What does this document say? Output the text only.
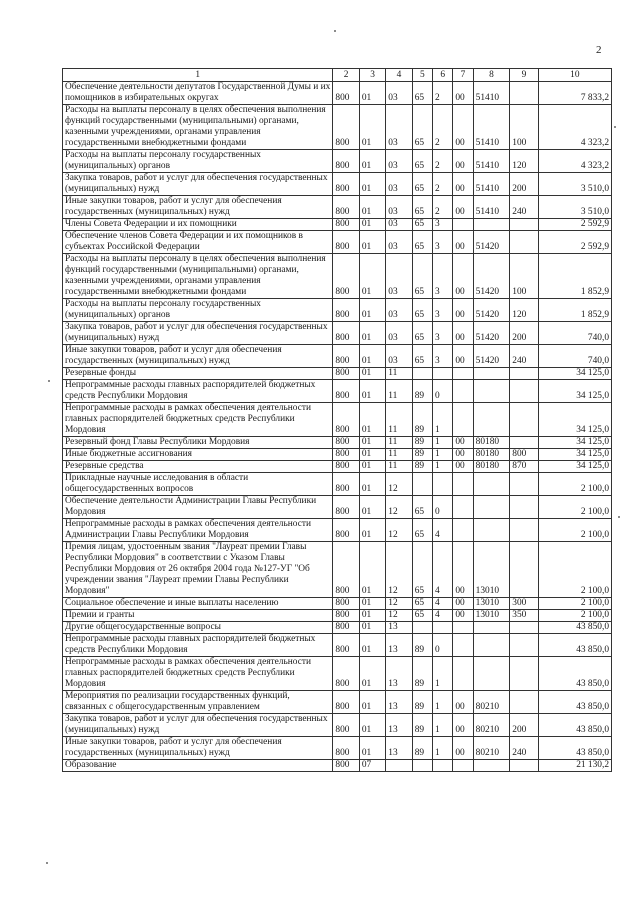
2
1	2	3	4	5	6	7	8	9	10
Обеспечение деятельности депутатов Государственной Думы и их помощников в избирательных округах	800	01	03	65	2	00	51410		7 833,2
Расходы на выплаты персоналу в целях обеспечения выполнения функций государственными (муниципальными) органами, казенными учреждениями, органами управления государственными внебюджетными фондами	800	01	03	65	2	00	51410	100	4 323,2
Расходы на выплаты персоналу государственных (муниципальных) органов	800	01	03	65	2	00	51410	120	4 323,2
Закупка товаров, работ и услуг для обеспечения государственных (муниципальных) нужд	800	01	03	65	2	00	51410	200	3 510,0
Иные закупки товаров, работ и услуг для обеспечения государственных (муниципальных) нужд	800	01	03	65	2	00	51410	240	3 510,0
Члены Совета Федерации и их помощники	800	01	03	65	3				2 592,9
Обеспечение членов Совета Федерации и их помощников в субъектах Российской Федерации	800	01	03	65	3	00	51420		2 592,9
Расходы на выплаты персоналу в целях обеспечения выполнения функций государственными (муниципальными) органами, казенными учреждениями, органами управления государственными внебюджетными фондами	800	01	03	65	3	00	51420	100	1 852,9
Расходы на выплаты персоналу государственных (муниципальных) органов	800	01	03	65	3	00	51420	120	1 852,9
Закупка товаров, работ и услуг для обеспечения государственных (муниципальных) нужд	800	01	03	65	3	00	51420	200	740,0
Иные закупки товаров, работ и услуг для обеспечения государственных (муниципальных) нужд	800	01	03	65	3	00	51420	240	740,0
Резервные фонды	800	01	11						34 125,0
Непрограммные расходы главных распорядителей бюджетных средств Республики Мордовия	800	01	11	89	0				34 125,0
Непрограммные расходы в рамках обеспечения деятельности главных распорядителей бюджетных средств Республики Мордовия	800	01	11	89	1				34 125,0
Резервный фонд Главы Республики Мордовия	800	01	11	89	1	00	80180		34 125,0
Иные бюджетные ассигнования	800	01	11	89	1	00	80180	800	34 125,0
Резервные средства	800	01	11	89	1	00	80180	870	34 125,0
Прикладные научные исследования в области общегосударственных вопросов	800	01	12						2 100,0
Обеспечение деятельности Администрации Главы Республики Мордовия	800	01	12	65	0				2 100,0
Непрограммные расходы в рамках обеспечения деятельности Администрации Главы Республики Мордовия	800	01	12	65	4				2 100,0
Премия лицам, удостоенным звания "Лауреат премии Главы Республики Мордовия" в соответствии с Указом Главы Республики Мордовия от 26 октября 2004 года №127-УГ "Об учреждении звания "Лауреат премии Главы Республики Мордовия"	800	01	12	65	4	00	13010		2 100,0
Социальное обеспечение и иные выплаты населению	800	01	12	65	4	00	13010	300	2 100,0
Премии и гранты	800	01	12	65	4	00	13010	350	2 100,0
Другие общегосударственные вопросы	800	01	13						43 850,0
Непрограммные расходы главных распорядителей бюджетных средств Республики Мордовия	800	01	13	89	0				43 850,0
Непрограммные расходы в рамках обеспечения деятельности главных распорядителей бюджетных средств Республики Мордовия	800	01	13	89	1				43 850,0
Мероприятия по реализации государственных функций, связанных с общегосударственным управлением	800	01	13	89	1	00	80210		43 850,0
Закупка товаров, работ и услуг для обеспечения государственных (муниципальных) нужд	800	01	13	89	1	00	80210	200	43 850,0
Иные закупки товаров, работ и услуг для обеспечения государственных (муниципальных) нужд	800	01	13	89	1	00	80210	240	43 850,0
Образование	800	07							21 130,2
